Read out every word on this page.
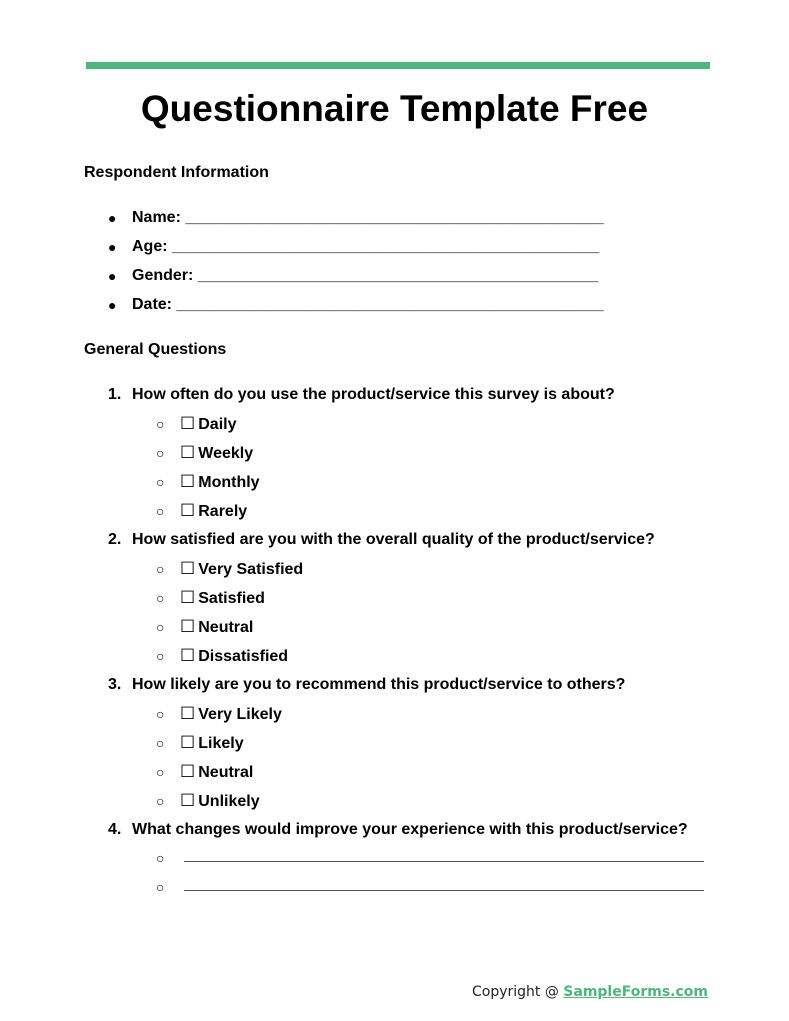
Questionnaire Template Free
Respondent Information
● Name: _______________________________________________
● Age: ________________________________________________
● Gender: _____________________________________________
● Date: ________________________________________________
General Questions
1. How often do you use the product/service this survey is about?
○ ☐ Daily
○ ☐ Weekly
○ ☐ Monthly
○ ☐ Rarely
2. How satisfied are you with the overall quality of the product/service?
○ ☐ Very Satisfied
○ ☐ Satisfied
○ ☐ Neutral
○ ☐ Dissatisfied
3. How likely are you to recommend this product/service to others?
○ ☐ Very Likely
○ ☐ Likely
○ ☐ Neutral
○ ☐ Unlikely
4. What changes would improve your experience with this product/service?
○
○
Copyright @ SampleForms.com
